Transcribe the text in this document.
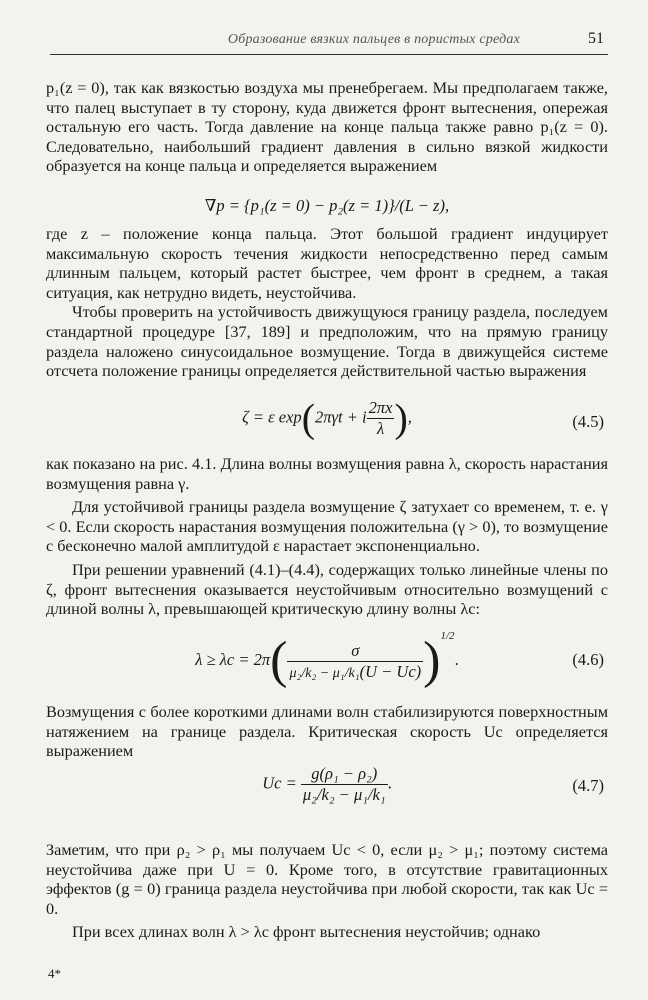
Образование вязких пальцев в пористых средах	51

p₁(z = 0), так как вязкостью воздуха мы пренебрегаем. Мы предполагаем также, что палец выступает в ту сторону, куда движется фронт вытеснения, опережая остальную его часть. Тогда давление на конце пальца также равно p₁(z = 0). Следовательно, наибольший градиент давления в сильно вязкой жидкости образуется на конце пальца и определяется выражением

∇p = {p₁(z = 0) − p₂(z = 1)}/(L − z),

где z – положение конца пальца. Этот большой градиент индуцирует максимальную скорость течения жидкости непосредственно перед самым длинным пальцем, который растет быстрее, чем фронт в среднем, а такая ситуация, как нетрудно видеть, неустойчива.

Чтобы проверить на устойчивость движущуюся границу раздела, последуем стандартной процедуре [37, 189] и предположим, что на прямую границу раздела наложено синусоидальное возмущение. Тогда в движущейся системе отсчета положение границы определяется действительной частью выражения

ζ = ε exp(2πγt + i $\frac{2\pi x}{\lambda}$ ),	(4.5)

как показано на рис. 4.1. Длина волны возмущения равна λ, скорость нарастания возмущения равна γ.

Для устойчивой границы раздела возмущение ζ затухает со временем, т. е. γ < 0. Если скорость нарастания возмущения положительна (γ > 0), то возмущение с бесконечно малой амплитудой ε нарастает экспоненциально.

При решении уравнений (4.1)–(4.4), содержащих только линейные члены по ζ, фронт вытеснения оказывается неустойчивым относительно возмущений с длиной волны λ, превышающей критическую длину волны λc:

$\lambda \ge \lambda c = 2\pi( \frac{\sigma}{\text{μ₂/k₂ − μ₁/k₁(U − Uc)}} )^{1/2}$.	(4.6)

Возмущения с более короткими длинами волн стабилизируются поверхностным натяжением на границе раздела. Критическая скорость Uc определяется выражением

$Uc = \frac{\text{g(ρ₁ − ρ₂)}}{\text{μ₂/k₂ − μ₁/k₁}}$ .	(4.7)

Заметим, что при ρ₂ > ρ₁ мы получаем Uc < 0, если μ₂ > μ₁; поэтому система неустойчива даже при U = 0. Кроме того, в отсутствие гравитационных эффектов (g = 0) граница раздела неустойчива при любой скорости, так как Uc = 0.

При всех длинах волн λ > λc фронт вытеснения неустойчив; однако

4*
